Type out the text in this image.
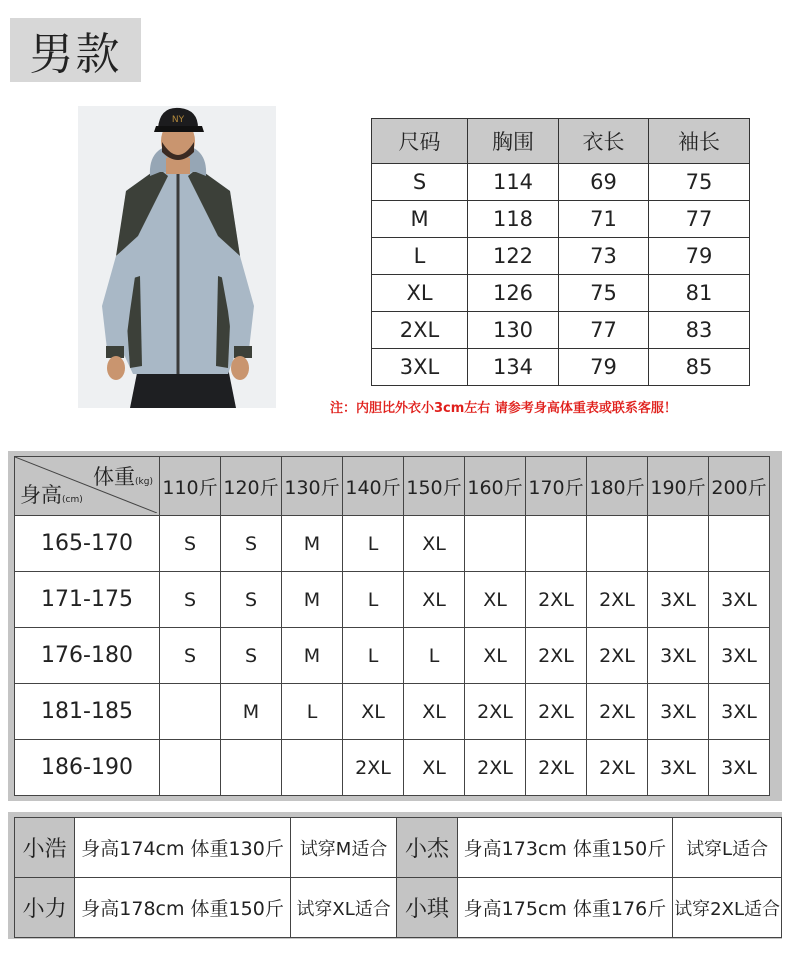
男款
NY
尺码	胸围	衣长	袖长
S	114	69	75
M	118	71	77
L	122	73	79
XL	126	75	81
2XL	130	77	83
3XL	134	79	85
注：内胆比外衣小3cm左右 请参考身高体重表或联系客服！
体重(kg)
身高(cm)	110斤	120斤	130斤	140斤	150斤	160斤	170斤	180斤	190斤	200斤
165-170	S	S	M	L	XL					
171-175	S	S	M	L	XL	XL	2XL	2XL	3XL	3XL
176-180	S	S	M	L	L	XL	2XL	2XL	3XL	3XL
181-185		M	L	XL	XL	2XL	2XL	2XL	3XL	3XL
186-190				2XL	XL	2XL	2XL	2XL	3XL	3XL
小浩	身高174cm 体重130斤	试穿M适合	小杰	身高173cm 体重150斤	试穿L适合
小力	身高178cm 体重150斤	试穿XL适合	小琪	身高175cm 体重176斤	试穿2XL适合
